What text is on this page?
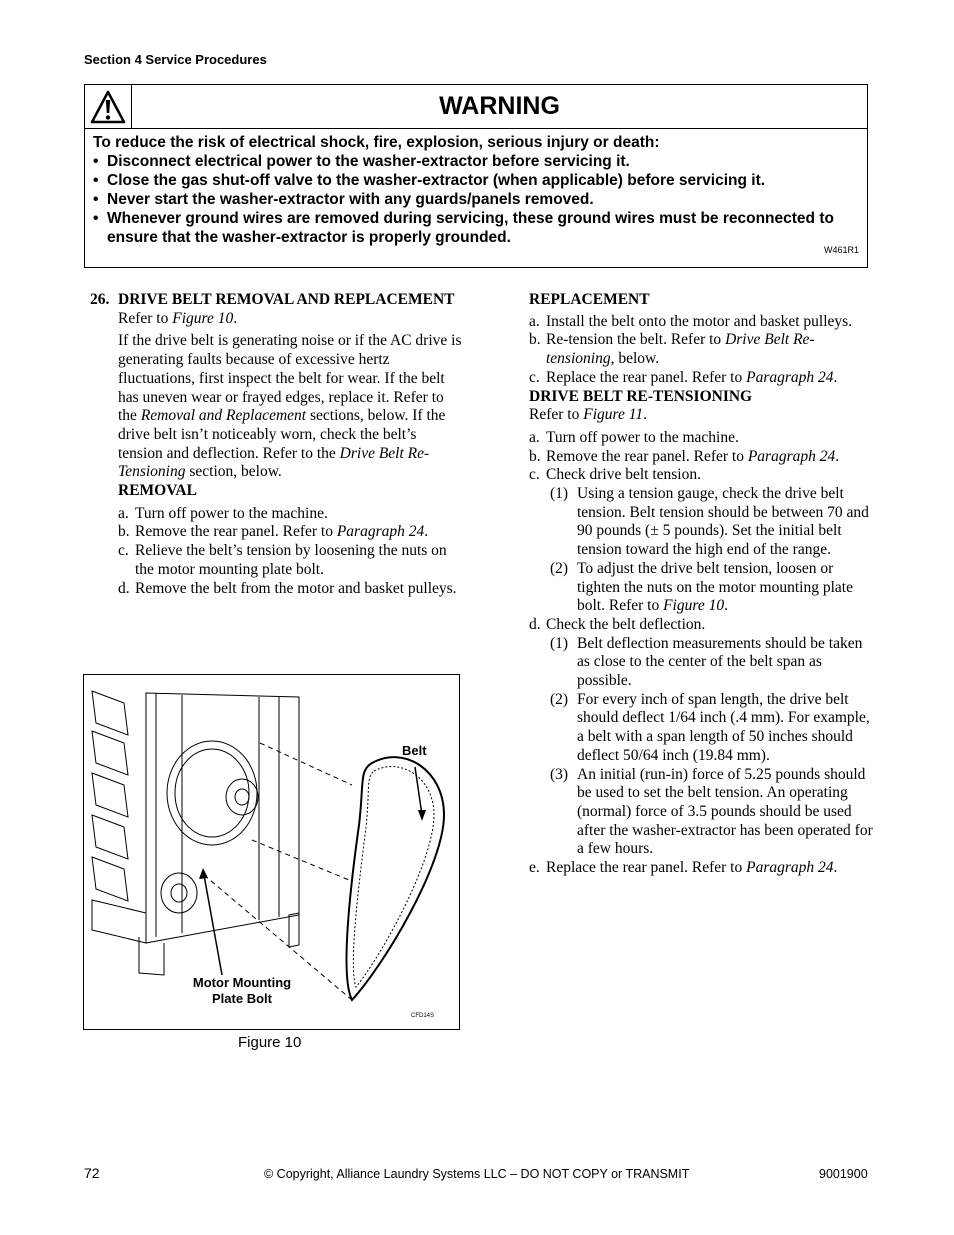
Section 4 Service Procedures
WARNING

To reduce the risk of electrical shock, fire, explosion, serious injury or death:

• Disconnect electrical power to the washer-extractor before servicing it.
• Close the gas shut-off valve to the washer-extractor (when applicable) before servicing it.
• Never start the washer-extractor with any guards/panels removed.
• Whenever ground wires are removed during servicing, these ground wires must be reconnected to ensure that the washer-extractor is properly grounded.
W461R1
26. DRIVE BELT REMOVAL AND REPLACEMENT

Refer to Figure 10.

If the drive belt is generating noise or if the AC drive is generating faults because of excessive hertz fluctuations, first inspect the belt for wear. If the belt has uneven wear or frayed edges, replace it. Refer to the Removal and Replacement sections, below. If the drive belt isn’t noticeably worn, check the belt’s tension and deflection. Refer to the Drive Belt Re-Tensioning section, below.

REMOVAL

a. Turn off power to the machine.
b. Remove the rear panel. Refer to Paragraph 24.
c. Relieve the belt’s tension by loosening the nuts on the motor mounting plate bolt.
d. Remove the belt from the motor and basket pulleys.
Belt
Motor Mounting Plate Bolt
CFD14S
Figure 10

REPLACEMENT

a. Install the belt onto the motor and basket pulleys.
b. Re-tension the belt. Refer to Drive Belt Re-tensioning, below.
c. Replace the rear panel. Refer to Paragraph 24.

DRIVE BELT RE-TENSIONING

Refer to Figure 11.

a. Turn off power to the machine.
b. Remove the rear panel. Refer to Paragraph 24.
c. Check drive belt tension.
(1) Using a tension gauge, check the drive belt tension. Belt tension should be between 70 and 90 pounds (± 5 pounds). Set the initial belt tension toward the high end of the range.
(2) To adjust the drive belt tension, loosen or tighten the nuts on the motor mounting plate bolt. Refer to Figure 10.
d. Check the belt deflection.
(1) Belt deflection measurements should be taken as close to the center of the belt span as possible.
(2) For every inch of span length, the drive belt should deflect 1/64 inch (.4 mm). For example, a belt with a span length of 50 inches should deflect 50/64 inch (19.84 mm).
(3) An initial (run-in) force of 5.25 pounds should be used to set the belt tension. An operating (normal) force of 3.5 pounds should be used after the washer-extractor has been operated for a few hours.
e. Replace the rear panel. Refer to Paragraph 24.
72	© Copyright, Alliance Laundry Systems LLC – DO NOT COPY or TRANSMIT	9001900
